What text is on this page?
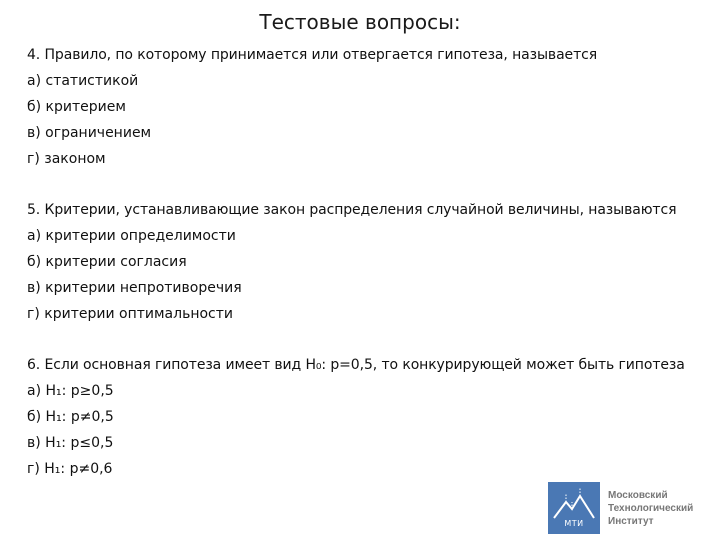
Тестовые вопросы:
4. Правило, по которому принимается или отвергается гипотеза, называется
а) статистикой
б) критерием
в) ограничением
г) законом
5. Критерии, устанавливающие закон распределения случайной величины, называются
а) критерии определимости
б) критерии согласия
в) критерии непротиворечия
г) критерии оптимальности
6. Если основная гипотеза имеет вид H₀: p=0,5, то конкурирующей может быть гипотеза
а) H₁: p≥0,5
б) H₁: p≠0,5
в) H₁: p≤0,5
г) H₁: p≠0,6
МТИ
Московский
Технологический
Институт
